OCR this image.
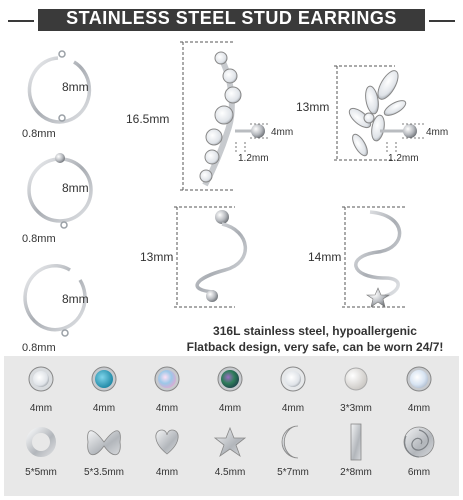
STAINLESS STEEL STUD EARRINGS
8mm
0.8mm
8mm
0.8mm
8mm
0.8mm
16.5mm
4mm
1.2mm
13mm
4mm
1.2mm
13mm	14mm
316L stainless steel, hypoallergenic
Flatback design, very safe, can be worn 24/7!
4mm	4mm	4mm	4mm	4mm	3*3mm	4mm
5*5mm	5*3.5mm	4mm	4.5mm	5*7mm	2*8mm	6mm
